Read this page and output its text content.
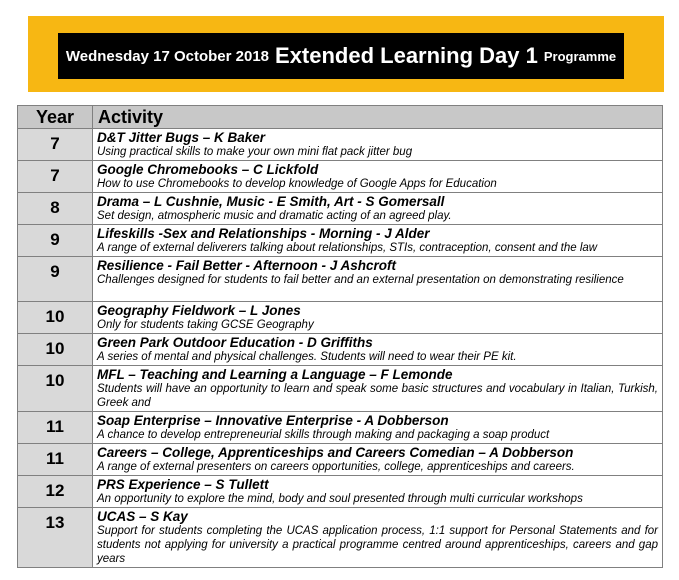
Wednesday 17 October 2018 Extended Learning Day 1 Programme
Year	Activity
7	D&T Jitter Bugs – K Baker
Using practical skills to make your own mini flat pack jitter bug

7	Google Chromebooks – C Lickfold
How to use Chromebooks to develop knowledge of Google Apps for Education

8	Drama – L Cushnie, Music - E Smith, Art - S Gomersall
Set design, atmospheric music and dramatic acting of an agreed play.

9	Lifeskills -Sex and Relationships - Morning - J Alder
A range of external deliverers talking about relationships, STIs, contraception, consent and the law

9	Resilience - Fail Better - Afternoon - J Ashcroft
Challenges designed for students to fail better and an external presentation on demonstrating resilience

10	Geography Fieldwork – L Jones
Only for students taking GCSE Geography

10	Green Park Outdoor Education - D Griffiths
A series of mental and physical challenges. Students will need to wear their PE kit.

10	MFL – Teaching and Learning a Language – F Lemonde
Students will have an opportunity to learn and speak some basic structures and vocabulary in Italian, Turkish, Greek and

11	Soap Enterprise – Innovative Enterprise - A Dobberson
A chance to develop entrepreneurial skills through making and packaging a soap product

11	Careers – College, Apprenticeships and Careers Comedian – A Dobberson
A range of external presenters on careers opportunities, college, apprenticeships and careers.

12	PRS Experience – S Tullett
An opportunity to explore the mind, body and soul presented through multi curricular workshops

13	UCAS – S Kay
Support for students completing the UCAS application process, 1:1 support for Personal Statements and for students not applying for university a practical programme centred around apprenticeships, careers and gap years
